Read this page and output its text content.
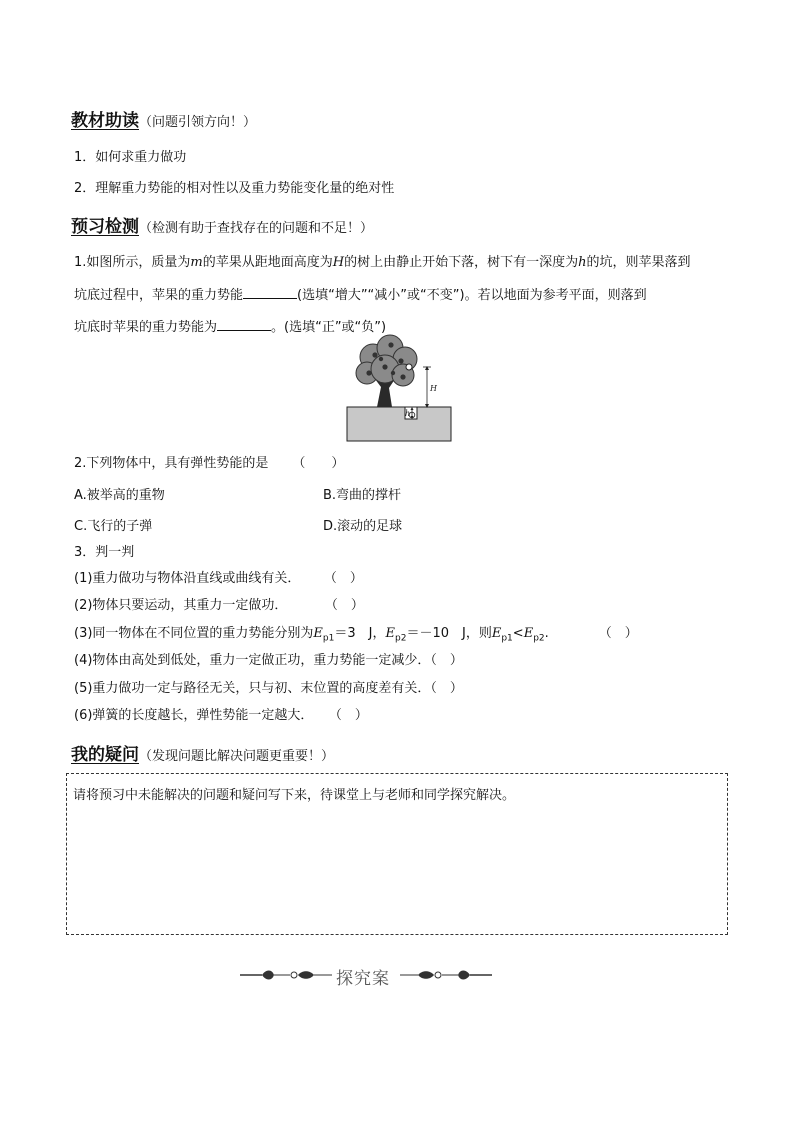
教材助读（问题引领方向！）
1．如何求重力做功
2．理解重力势能的相对性以及重力势能变化量的绝对性
预习检测（检测有助于查找存在的问题和不足！）
1.如图所示，质量为m的苹果从距地面高度为H的树上由静止开始下落，树下有一深度为h的坑，则苹果落到
坑底过程中，苹果的重力势能	(选填“增大”“减小”或“不变”)。若以地面为参考平面，则落到
坑底时苹果的重力势能为	。(选填“正”或“负”)
H
h
2.下列物体中，具有弹性势能的是 （　　）
A.被举高的重物	B.弯曲的撑杆
C.飞行的子弹	D.滚动的足球
3．判一判
(1)重力做功与物体沿直线或曲线有关． （　）
(2)物体只要运动，其重力一定做功．	（　）
(3)同一物体在不同位置的重力势能分别为$E_{p1}=3$　J，$E_{p2}=-10$　J，则$E_{p1}<E_{p2}$.	（　）
(4)物体由高处到低处，重力一定做正功，重力势能一定减少．（　）
(5)重力做功一定与路径无关，只与初、末位置的高度差有关．（　）
(6)弹簧的长度越长，弹性势能一定越大． （　）
我的疑问（发现问题比解决问题更重要！）
请将预习中未能解决的问题和疑问写下来，待课堂上与老师和同学探究解决。
探究案
